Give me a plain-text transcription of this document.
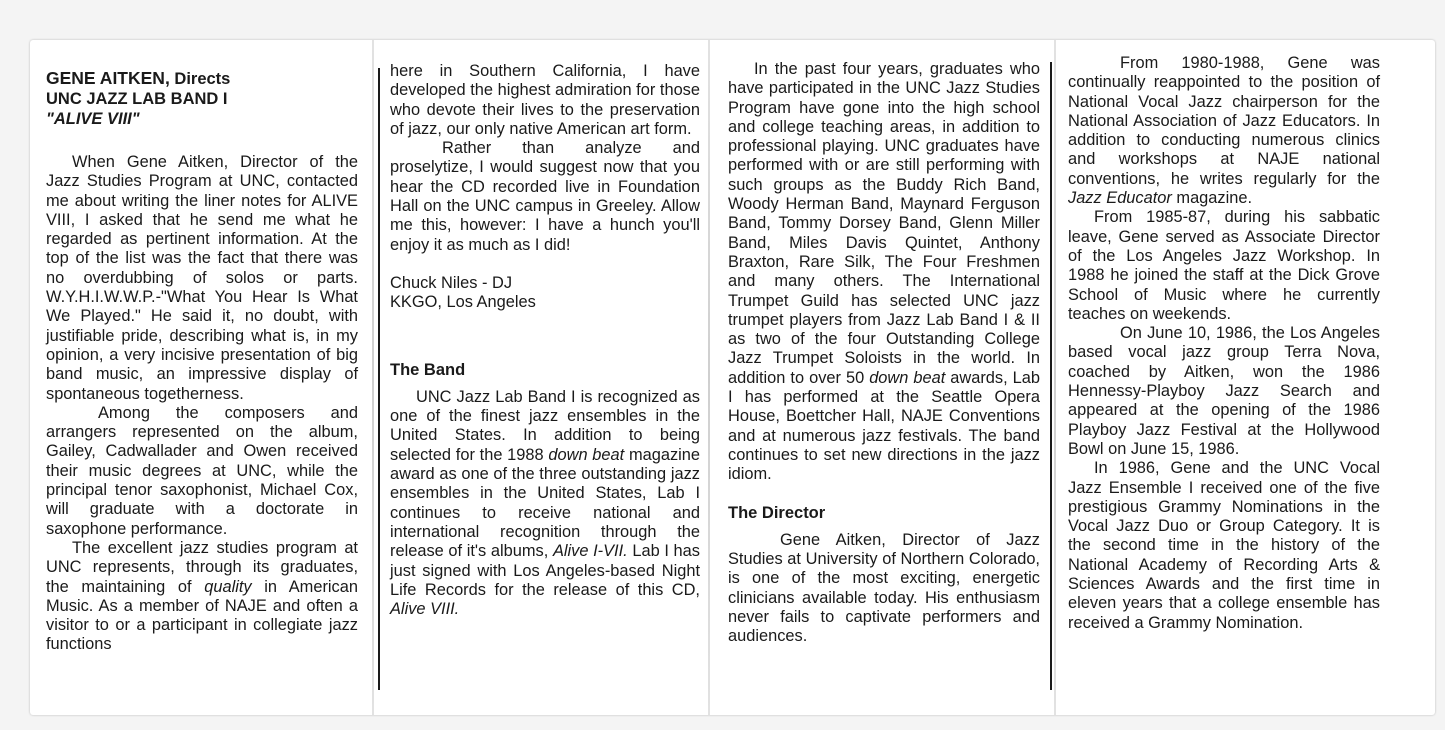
GENE AITKEN, Directs
UNC JAZZ LAB BAND I
"ALIVE VIII"

When Gene Aitken, Director of the Jazz Studies Program at UNC, contacted me about writing the liner notes for ALIVE VIII, I asked that he send me what he regarded as pertinent information. At the top of the list was the fact that there was no overdubbing of solos or parts. W.Y.H.I.W.W.P.-"What You Hear Is What We Played." He said it, no doubt, with justifiable pride, describing what is, in my opinion, a very incisive presentation of big band music, an impressive display of spontaneous togetherness.

Among the composers and arrangers represented on the album, Gailey, Cadwallader and Owen received their music degrees at UNC, while the principal tenor saxophonist, Michael Cox, will graduate with a doctorate in saxophone performance.

The excellent jazz studies program at UNC represents, through its graduates, the maintaining of quality in American Music. As a member of NAJE and often a visitor to or a participant in collegiate jazz functions

here in Southern California, I have developed the highest admiration for those who devote their lives to the preservation of jazz, our only native American art form.

Rather than analyze and proselytize, I would suggest now that you hear the CD recorded live in Foundation Hall on the UNC campus in Greeley. Allow me this, however: I have a hunch you'll enjoy it as much as I did!

Chuck Niles - DJ

KKGO, Los Angeles

The Band

UNC Jazz Lab Band I is recognized as one of the finest jazz ensembles in the United States. In addition to being selected for the 1988 down beat magazine award as one of the three outstanding jazz ensembles in the United States, Lab I continues to receive national and international recognition through the release of it's albums, Alive I-VII. Lab I has just signed with Los Angeles-based Night Life Records for the release of this CD, Alive VIII.

In the past four years, graduates who have participated in the UNC Jazz Studies Program have gone into the high school and college teaching areas, in addition to professional playing. UNC graduates have performed with or are still performing with such groups as the Buddy Rich Band, Woody Herman Band, Maynard Ferguson Band, Tommy Dorsey Band, Glenn Miller Band, Miles Davis Quintet, Anthony Braxton, Rare Silk, The Four Freshmen and many others. The International Trumpet Guild has selected UNC jazz trumpet players from Jazz Lab Band I & II as two of the four Outstanding College Jazz Trumpet Soloists in the world. In addition to over 50 down beat awards, Lab I has performed at the Seattle Opera House, Boettcher Hall, NAJE Conventions and at numerous jazz festivals. The band continues to set new directions in the jazz idiom.

The Director

Gene Aitken, Director of Jazz Studies at University of Northern Colorado, is one of the most exciting, energetic clinicians available today. His enthusiasm never fails to captivate performers and audiences.

From 1980-1988, Gene was continually reappointed to the position of National Vocal Jazz chairperson for the National Association of Jazz Educators. In addition to conducting numerous clinics and workshops at NAJE national conventions, he writes regularly for the Jazz Educator magazine.

From 1985-87, during his sabbatic leave, Gene served as Associate Director of the Los Angeles Jazz Workshop. In 1988 he joined the staff at the Dick Grove School of Music where he currently teaches on weekends.

On June 10, 1986, the Los Angeles based vocal jazz group Terra Nova, coached by Aitken, won the 1986 Hennessy-Playboy Jazz Search and appeared at the opening of the 1986 Playboy Jazz Festival at the Hollywood Bowl on June 15, 1986.

In 1986, Gene and the UNC Vocal Jazz Ensemble I received one of the five prestigious Grammy Nominations in the Vocal Jazz Duo or Group Category. It is the second time in the history of the National Academy of Recording Arts & Sciences Awards and the first time in eleven years that a college ensemble has received a Grammy Nomination.
